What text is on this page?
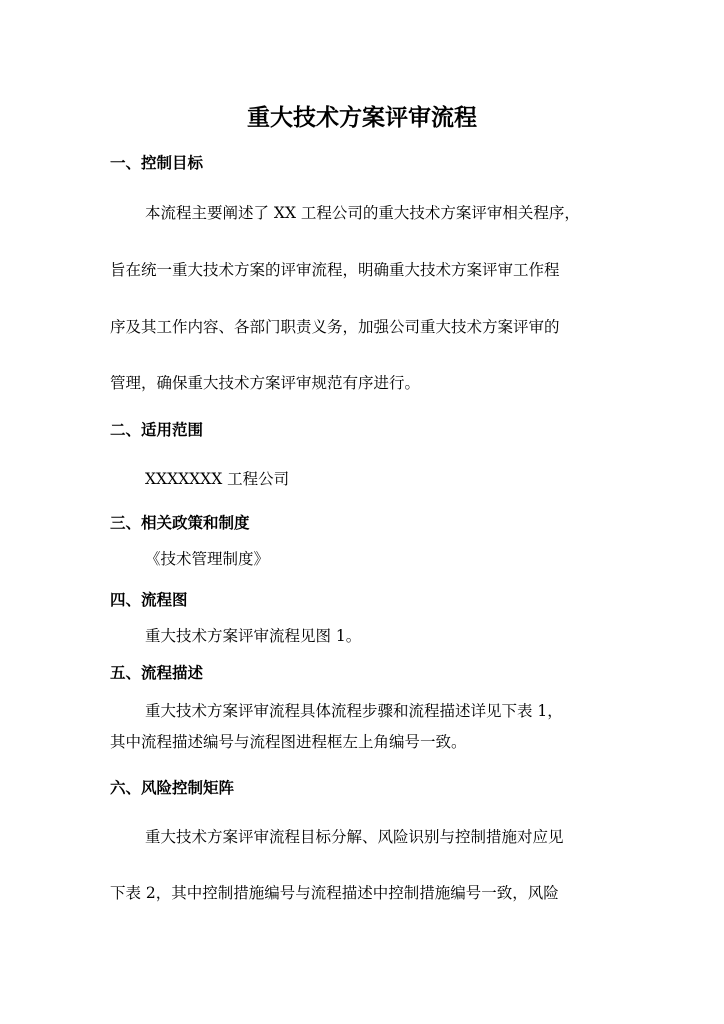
重大技术方案评审流程
一、控制目标
本流程主要阐述了 XX 工程公司的重大技术方案评审相关程序，
旨在统一重大技术方案的评审流程，明确重大技术方案评审工作程
序及其工作内容、各部门职责义务，加强公司重大技术方案评审的
管理，确保重大技术方案评审规范有序进行。
二、适用范围
XXXXXXX 工程公司
三、相关政策和制度
《技术管理制度》
四、流程图
重大技术方案评审流程见图 1。
五、流程描述
重大技术方案评审流程具体流程步骤和流程描述详见下表 1，
其中流程描述编号与流程图进程框左上角编号一致。
六、风险控制矩阵
重大技术方案评审流程目标分解、风险识别与控制措施对应见
下表 2，其中控制措施编号与流程描述中控制措施编号一致，风险
